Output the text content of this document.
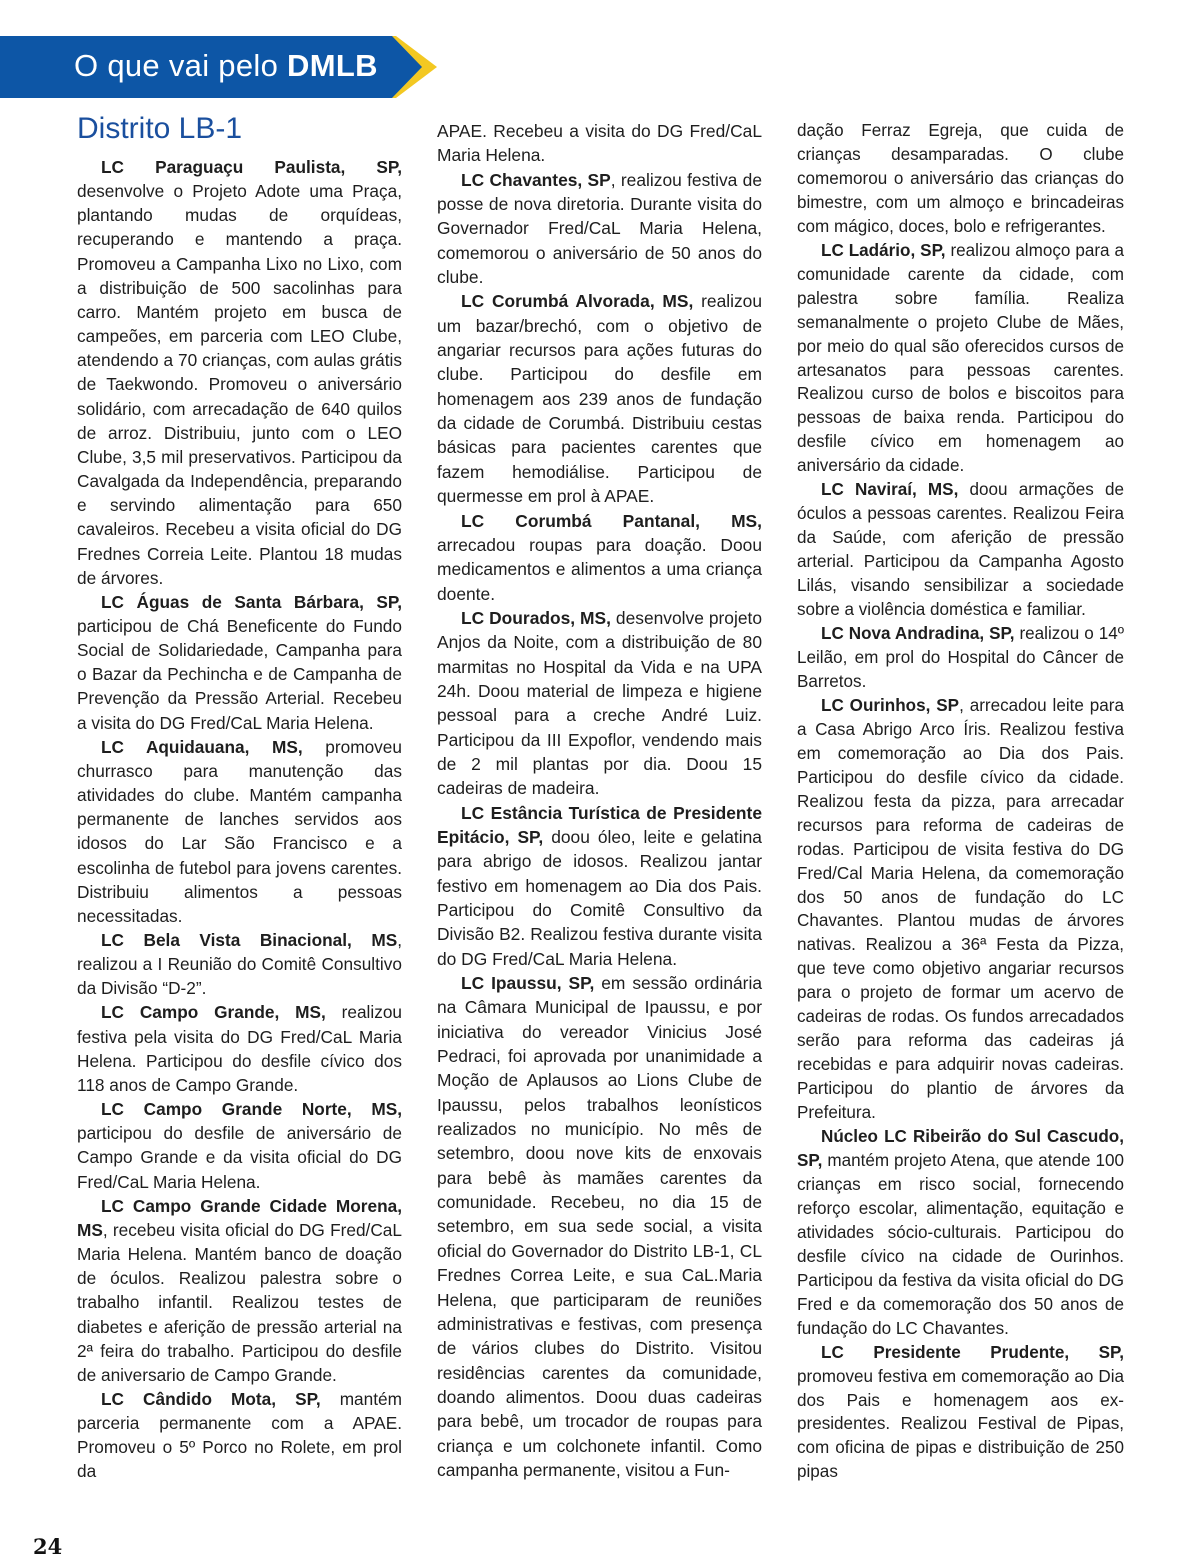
O que vai pelo DMLB
Distrito LB-1

LC Paraguaçu Paulista, SP, desenvolve o Projeto Adote uma Praça, plantando mudas de orquídeas, recuperando e mantendo a praça. Promoveu a Campanha Lixo no Lixo, com a distribuição de 500 sacolinhas para carro. Mantém projeto em busca de campeões, em parceria com LEO Clube, atendendo a 70 crianças, com aulas grátis de Taekwondo. Promoveu o aniversário solidário, com arrecadação de 640 quilos de arroz. Distribuiu, junto com o LEO Clube, 3,5 mil preservativos. Participou da Cavalgada da Independência, preparando e servindo alimentação para 650 cavaleiros. Recebeu a visita oficial do DG Frednes Correia Leite. Plantou 18 mudas de árvores.

LC Águas de Santa Bárbara, SP, participou de Chá Beneficente do Fundo Social de Solidariedade, Campanha para o Bazar da Pechincha e de Campanha de Prevenção da Pressão Arterial. Recebeu a visita do DG Fred/CaL Maria Helena.

LC Aquidauana, MS, promoveu churrasco para manutenção das atividades do clube. Mantém campanha permanente de lanches servidos aos idosos do Lar São Francisco e a escolinha de futebol para jovens carentes. Distribuiu alimentos a pessoas necessitadas.

LC Bela Vista Binacional, MS, realizou a I Reunião do Comitê Consultivo da Divisão “D-2”.

LC Campo Grande, MS, realizou festiva pela visita do DG Fred/CaL Maria Helena. Participou do desfile cívico dos 118 anos de Campo Grande.

LC Campo Grande Norte, MS, participou do desfile de aniversário de Campo Grande e da visita oficial do DG Fred/CaL Maria Helena.

LC Campo Grande Cidade Morena, MS, recebeu visita oficial do DG Fred/CaL Maria Helena. Mantém banco de doação de óculos. Realizou palestra sobre o trabalho infantil. Realizou testes de diabetes e aferição de pressão arterial na 2ª feira do trabalho. Participou do desfile de aniversario de Campo Grande.

LC Cândido Mota, SP, mantém parceria permanente com a APAE. Promoveu o 5º Porco no Rolete, em prol da

APAE. Recebeu a visita do DG Fred/CaL Maria Helena.

LC Chavantes, SP, realizou festiva de posse de nova diretoria. Durante visita do Governador Fred/CaL Maria Helena, comemorou o aniversário de 50 anos do clube.

LC Corumbá Alvorada, MS, realizou um bazar/brechó, com o objetivo de angariar recursos para ações futuras do clube. Participou do desfile em homenagem aos 239 anos de fundação da cidade de Corumbá. Distribuiu cestas básicas para pacientes carentes que fazem hemodiálise. Participou de quermesse em prol à APAE.

LC Corumbá Pantanal, MS, arrecadou roupas para doação. Doou medicamentos e alimentos a uma criança doente.

LC Dourados, MS, desenvolve projeto Anjos da Noite, com a distribuição de 80 marmitas no Hospital da Vida e na UPA 24h. Doou material de limpeza e higiene pessoal para a creche André Luiz. Participou da III Expoflor, vendendo mais de 2 mil plantas por dia. Doou 15 cadeiras de madeira.

LC Estância Turística de Presidente Epitácio, SP, doou óleo, leite e gelatina para abrigo de idosos. Realizou jantar festivo em homenagem ao Dia dos Pais. Participou do Comitê Consultivo da Divisão B2. Realizou festiva durante visita do DG Fred/CaL Maria Helena.

LC Ipaussu, SP, em sessão ordinária na Câmara Municipal de Ipaussu, e por iniciativa do vereador Vinicius José Pedraci, foi aprovada por unanimidade a Moção de Aplausos ao Lions Clube de Ipaussu, pelos trabalhos leonísticos realizados no município. No mês de setembro, doou nove kits de enxovais para bebê às mamães carentes da comunidade. Recebeu, no dia 15 de setembro, em sua sede social, a visita oficial do Governador do Distrito LB-1, CL Frednes Correa Leite, e sua CaL.Maria Helena, que participaram de reuniões administrativas e festivas, com presença de vários clubes do Distrito. Visitou residências carentes da comunidade, doando alimentos. Doou duas cadeiras para bebê, um trocador de roupas para criança e um colchonete infantil. Como campanha permanente, visitou a Fun-

dação Ferraz Egreja, que cuida de crianças desamparadas. O clube comemorou o aniversário das crianças do bimestre, com um almoço e brincadeiras com mágico, doces, bolo e refrigerantes.

LC Ladário, SP, realizou almoço para a comunidade carente da cidade, com palestra sobre família. Realiza semanalmente o projeto Clube de Mães, por meio do qual são oferecidos cursos de artesanatos para pessoas carentes. Realizou curso de bolos e biscoitos para pessoas de baixa renda. Participou do desfile cívico em homenagem ao aniversário da cidade.

LC Naviraí, MS, doou armações de óculos a pessoas carentes. Realizou Feira da Saúde, com aferição de pressão arterial. Participou da Campanha Agosto Lilás, visando sensibilizar a sociedade sobre a violência doméstica e familiar.

LC Nova Andradina, SP, realizou o 14º Leilão, em prol do Hospital do Câncer de Barretos.

LC Ourinhos, SP, arrecadou leite para a Casa Abrigo Arco Íris. Realizou festiva em comemoração ao Dia dos Pais. Participou do desfile cívico da cidade. Realizou festa da pizza, para arrecadar recursos para reforma de cadeiras de rodas. Participou de visita festiva do DG Fred/Cal Maria Helena, da comemoração dos 50 anos de fundação do LC Chavantes. Plantou mudas de árvores nativas. Realizou a 36ª Festa da Pizza, que teve como objetivo angariar recursos para o projeto de formar um acervo de cadeiras de rodas. Os fundos arrecadados serão para reforma das cadeiras já recebidas e para adquirir novas cadeiras. Participou do plantio de árvores da Prefeitura.

Núcleo LC Ribeirão do Sul Cascudo, SP, mantém projeto Atena, que atende 100 crianças em risco social, fornecendo reforço escolar, alimentação, equitação e atividades sócio-culturais. Participou do desfile cívico na cidade de Ourinhos. Participou da festiva da visita oficial do DG Fred e da comemoração dos 50 anos de fundação do LC Chavantes.

LC Presidente Prudente, SP, promoveu festiva em comemoração ao Dia dos Pais e homenagem aos ex-presidentes. Realizou Festival de Pipas, com oficina de pipas e distribuição de 250 pipas

24
